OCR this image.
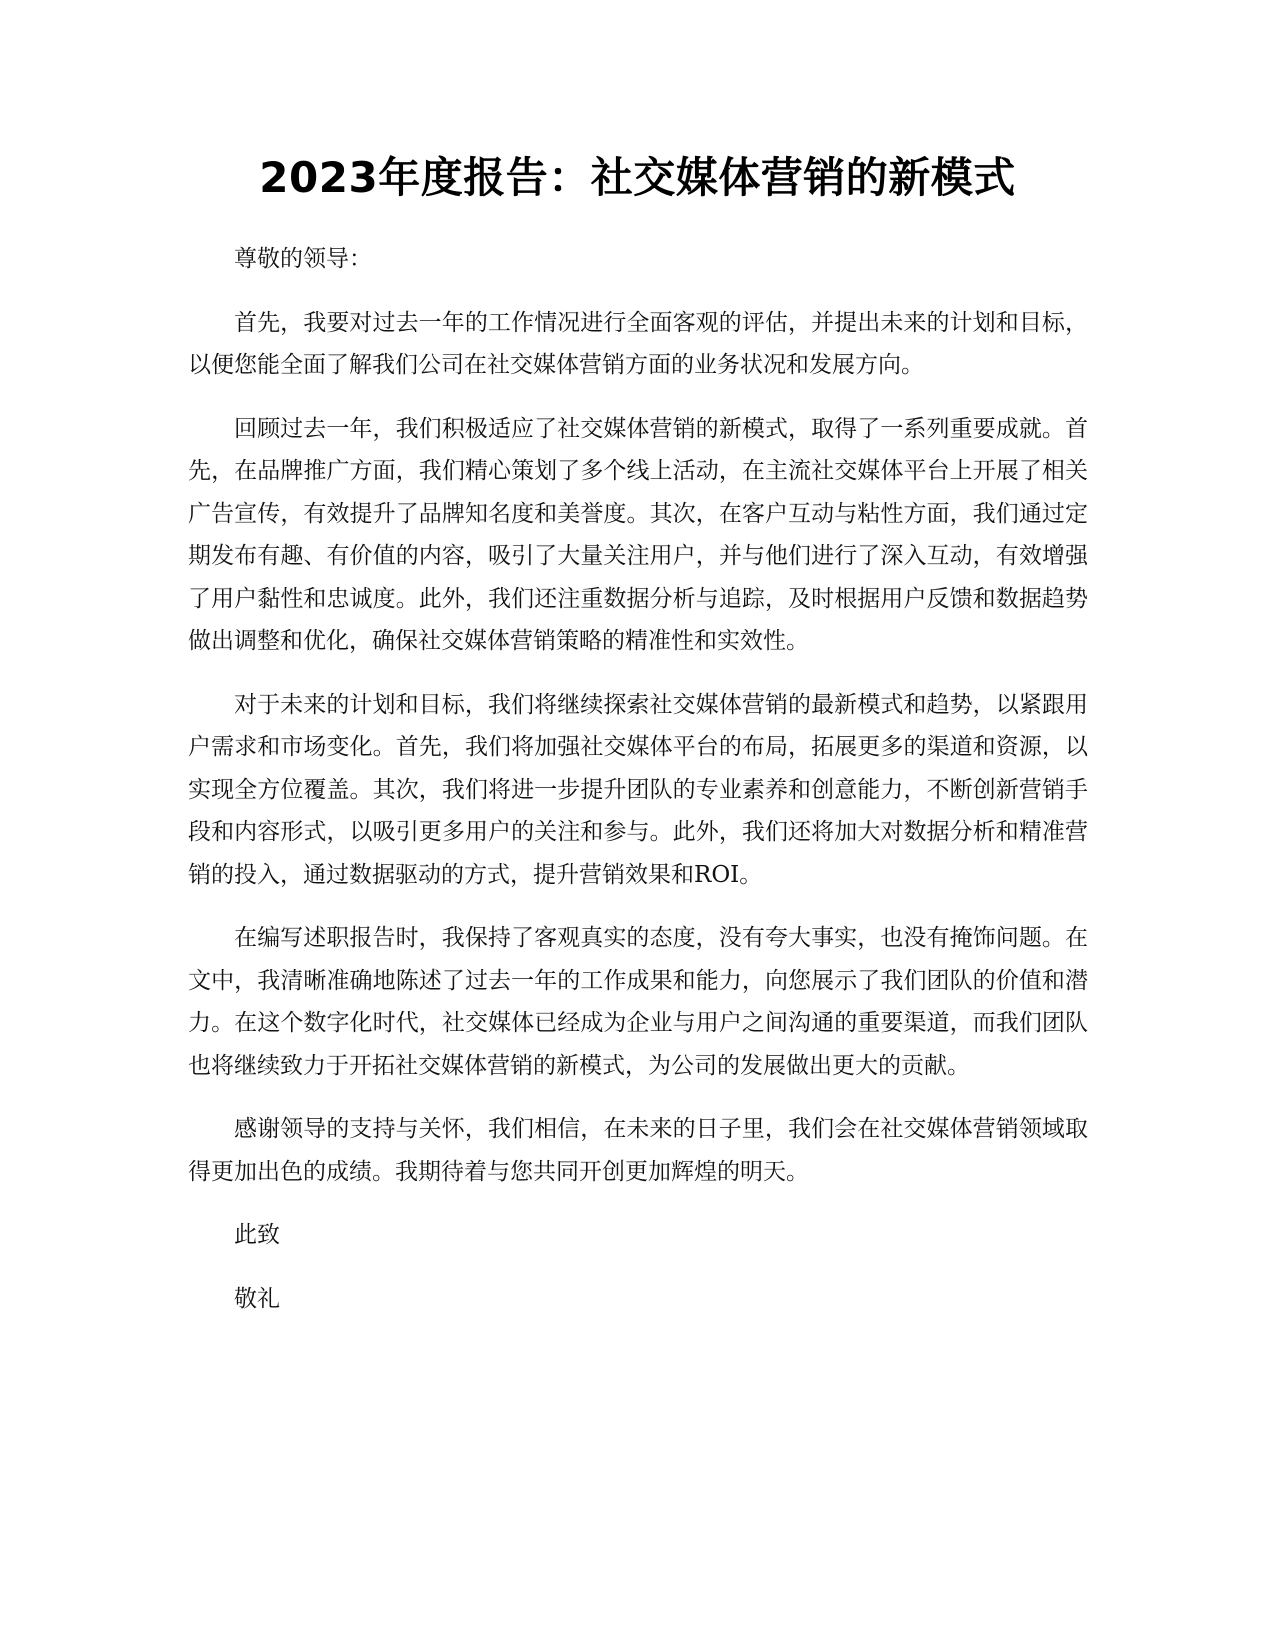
2023年度报告：社交媒体营销的新模式

尊敬的领导：

首先，我要对过去一年的工作情况进行全面客观的评估，并提出未来的计划和目标，以便您能全面了解我们公司在社交媒体营销方面的业务状况和发展方向。

回顾过去一年，我们积极适应了社交媒体营销的新模式，取得了一系列重要成就。首先，在品牌推广方面，我们精心策划了多个线上活动，在主流社交媒体平台上开展了相关广告宣传，有效提升了品牌知名度和美誉度。其次，在客户互动与粘性方面，我们通过定期发布有趣、有价值的内容，吸引了大量关注用户，并与他们进行了深入互动，有效增强了用户黏性和忠诚度。此外，我们还注重数据分析与追踪，及时根据用户反馈和数据趋势做出调整和优化，确保社交媒体营销策略的精准性和实效性。

对于未来的计划和目标，我们将继续探索社交媒体营销的最新模式和趋势，以紧跟用户需求和市场变化。首先，我们将加强社交媒体平台的布局，拓展更多的渠道和资源，以实现全方位覆盖。其次，我们将进一步提升团队的专业素养和创意能力，不断创新营销手段和内容形式，以吸引更多用户的关注和参与。此外，我们还将加大对数据分析和精准营销的投入，通过数据驱动的方式，提升营销效果和ROI。

在编写述职报告时，我保持了客观真实的态度，没有夸大事实，也没有掩饰问题。在文中，我清晰准确地陈述了过去一年的工作成果和能力，向您展示了我们团队的价值和潜力。在这个数字化时代，社交媒体已经成为企业与用户之间沟通的重要渠道，而我们团队也将继续致力于开拓社交媒体营销的新模式，为公司的发展做出更大的贡献。

感谢领导的支持与关怀，我们相信，在未来的日子里，我们会在社交媒体营销领域取得更加出色的成绩。我期待着与您共同开创更加辉煌的明天。

此致

敬礼
